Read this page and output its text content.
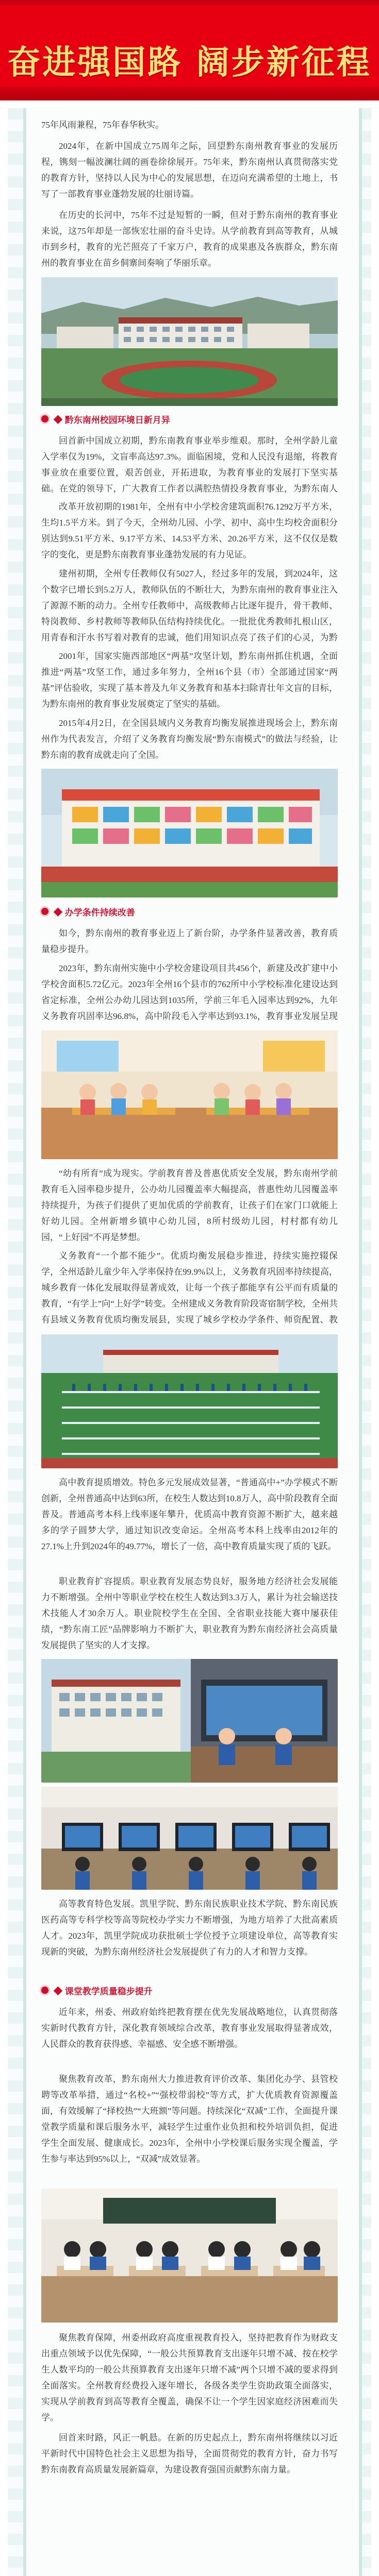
奋进强国路 阔步新征程
75年风雨兼程，75年春华秋实。
2024年，在新中国成立75周年之际，回望黔东南州教育事业的发展历程，镌刻一幅波澜壮阔的画卷徐徐展开。75年来，黔东南州认真贯彻落实党的教育方针，坚持以人民为中心的发展思想，在迈向充满希望的土地上，书写了一部教育事业蓬勃发展的壮丽诗篇。
在历史的长河中，75年不过是短暂的一瞬，但对于黔东南州的教育事业来说，这75年却是一部恢宏壮丽的奋斗史诗。从学前教育到高等教育，从城市到乡村，教育的光芒照亮了千家万户，教育的成果惠及各族群众，黔东南州的教育事业在苗乡侗寨间奏响了华丽乐章。
◆ 黔东南州校园环境日新月异
回首新中国成立初期，黔东南教育事业举步维艰。那时，全州学龄儿童入学率仅为19%，文盲率高达97.3%。面临困境，党和人民没有退缩，将教育事业放在重要位置，艰苦创业，开拓进取，为教育事业的发展打下坚实基础。在党的领导下，广大教育工作者以满腔热情投身教育事业，为黔东南人
改革开放初期的1981年，全州有中小学校舍建筑面积76.1292万平方米，生均1.5平方米。到了今天，全州幼儿园、小学、初中、高中生均校舍面积分别达到9.51平方米、9.17平方米、14.53平方米、20.26平方米，这不仅仅是数字的变化，更是黔东南教育事业蓬勃发展的有力见证。
建州初期，全州专任教师仅有5027人，经过多年的发展，到2024年，这个数字已增长到5.2万人，教师队伍的不断壮大，为黔东南州的教育事业注入了源源不断的动力。全州专任教师中，高级教师占比逐年提升，骨干教师、特岗教师、乡村教师等教师队伍结构持续优化。一批批优秀教师扎根山区，用青春和汗水书写着对教育的忠诚，他们用知识点亮了孩子们的心灵，为黔
2001年，国家实施西部地区“两基”攻坚计划，黔东南州抓住机遇，全面推进“两基”攻坚工作，通过多年努力，全州16个县（市）全部通过国家“两基”评估验收，实现了基本普及九年义务教育和基本扫除青壮年文盲的目标，为黔东南州的教育事业发展奠定了坚实的基础。
2015年4月2日，在全国县域内义务教育均衡发展推进现场会上，黔东南州作为代表发言，介绍了义务教育均衡发展“黔东南模式”的做法与经验，让黔东南的教育成就走向了全国。
◆ 办学条件持续改善
如今，黔东南州的教育事业迈上了新台阶，办学条件显著改善，教育质量稳步提升。
2023年，黔东南州实施中小学校舍建设项目共456个，新建及改扩建中小学校舍面积5.72亿元。2023年全州16个县市的762所中小学校标准化建设达到省定标准，全州公办幼儿园达到1035所，学前三年毛入园率达到92%，九年义务教育巩固率达96.8%，高中阶段毛入学率达到93.1%，教育事业发展呈现
“幼有所育”成为现实。学前教育普及普惠优质安全发展，黔东南州学前教育毛入园率稳步提升，公办幼儿园覆盖率大幅提高，普惠性幼儿园覆盖率持续提升，为孩子们提供了更加优质的学前教育，让孩子们在家门口就能上好幼儿园。全州新增乡镇中心幼儿园，8所村级幼儿园，村村都有幼儿园，“上好园”不再是梦想。
义务教育“一个都不能少”。优质均衡发展稳步推进，持续实施控辍保学，全州适龄儿童少年入学率保持在99.9%以上，义务教育巩固率持续提高，城乡教育一体化发展取得显著成效，让每一个孩子都能享有公平而有质量的教育，“有学上”向“上好学”转变。全州建成义务教育阶段寄宿制学校，全州共有县域义务教育优质均衡发展县，实现了城乡学校办学条件、师资配置、教
高中教育提质增效。特色多元发展成效显著，“普通高中+”办学模式不断创新，全州普通高中达到63所，在校生人数达到10.8万人，高中阶段教育全面普及。普通高考本科上线率逐年攀升，优质高中教育资源不断扩大，越来越多的学子圆梦大学，通过知识改变命运。全州高考本科上线率由2012年的27.1%上升到2024年的49.77%，增长了一倍，高中教育质量实现了质的飞跃。
职业教育扩容提质。职业教育发展态势良好，服务地方经济社会发展能力不断增强。全州中等职业学校在校生人数达到3.3万人，累计为社会输送技术技能人才30余万人。职业院校学生在全国、全省职业技能大赛中屡获佳绩，“黔东南工匠”品牌影响力不断扩大，职业教育为黔东南经济社会高质量发展提供了坚实的人才支撑。
高等教育特色发展。凯里学院、黔东南民族职业技术学院、黔东南民族医药高等专科学校等高等院校办学实力不断增强，为地方培养了大批高素质人才。2023年，凯里学院成功获批硕士学位授予立项建设单位，高等教育实现新的突破，为黔东南州经济社会发展提供了有力的人才和智力支撑。
◆ 课堂教学质量稳步提升
近年来，州委、州政府始终把教育摆在优先发展战略地位，认真贯彻落实新时代教育方针，深化教育领域综合改革，教育事业发展取得显著成效，人民群众的教育获得感、幸福感、安全感不断增强。
聚焦教育改革，黔东南州大力推进教育评价改革、集团化办学、县管校聘等改革举措，通过“名校+”“强校带弱校”等方式，扩大优质教育资源覆盖面，有效缓解了“择校热”“大班额”等问题。持续深化“双减”工作，全面提升课堂教学质量和课后服务水平，减轻学生过重作业负担和校外培训负担，促进学生全面发展、健康成长。2023年，全州中小学校课后服务实现全覆盖，学生参与率达到95%以上，“双减”成效显著。
聚焦教育保障，州委州政府高度重视教育投入，坚持把教育作为财政支出重点领域予以优先保障，“一般公共预算教育支出逐年只增不减、按在校学生人数平均的一般公共预算教育支出逐年只增不减”两个只增不减的要求得到全面落实。全州教育经费投入逐年增长，各级各类学生资助政策全面落实，实现从学前教育到高等教育全覆盖，确保不让一个学生因家庭经济困难而失学。
回首来时路，风正一帆悬。在新的历史起点上，黔东南州将继续以习近平新时代中国特色社会主义思想为指导，全面贯彻党的教育方针，奋力书写黔东南教育高质量发展新篇章，为建设教育强国贡献黔东南力量。
